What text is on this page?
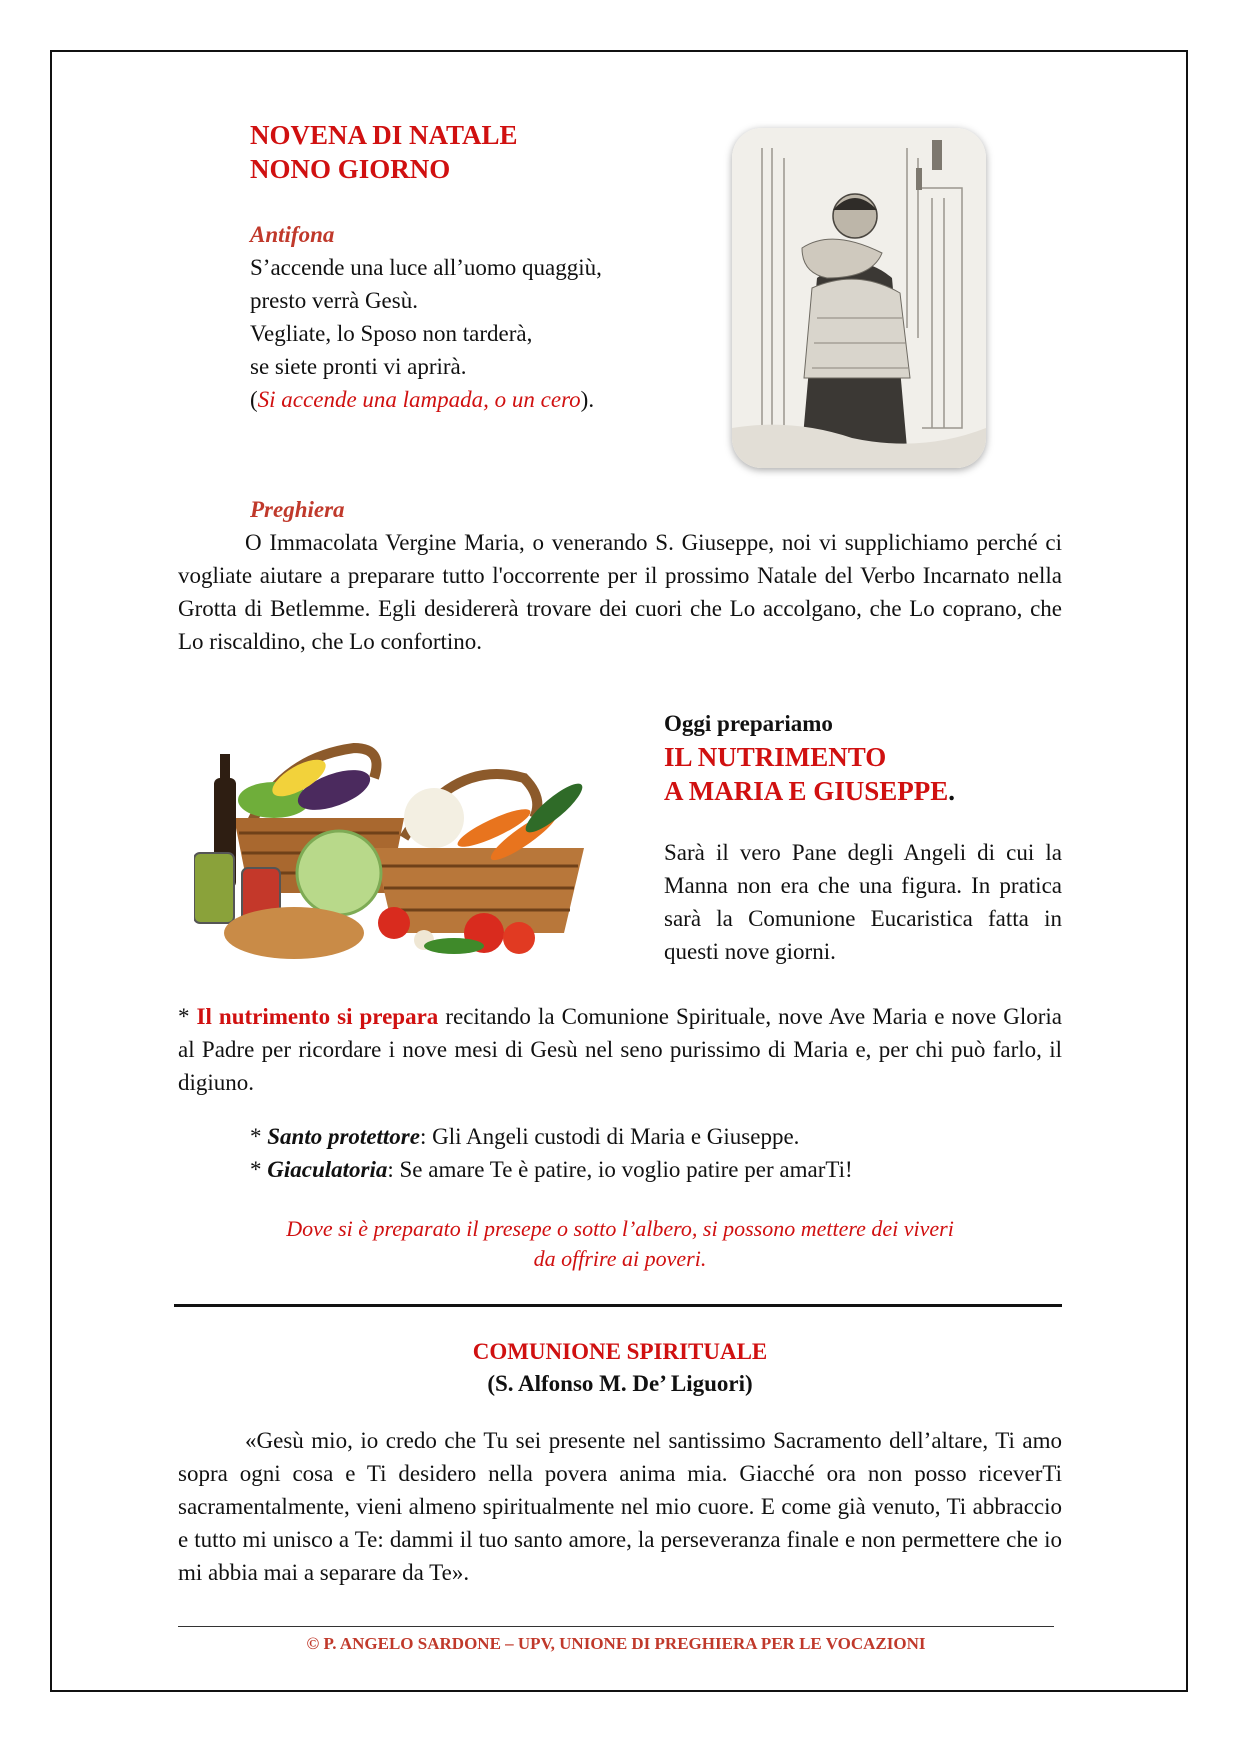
NOVENA DI NATALE
NONO GIORNO
Antifona
S’accende una luce all’uomo quaggiù,
presto verrà Gesù.
Vegliate, lo Sposo non tarderà,
se siete pronti vi aprirà.
(Si accende una lampada, o un cero).
Preghiera
O Immacolata Vergine Maria, o venerando S. Giuseppe, noi vi supplichiamo perché ci vogliate aiutare a preparare tutto l'occorrente per il prossimo Natale del Verbo Incarnato nella Grotta di Betlemme. Egli desidererà trovare dei cuori che Lo accolgano, che Lo coprano, che Lo riscaldino, che Lo confortino.
Oggi prepariamo
IL NUTRIMENTO
A MARIA E GIUSEPPE.
Sarà il vero Pane degli Angeli di cui la Manna non era che una figura. In pratica sarà la Comunione Eucaristica fatta in questi nove giorni.
* Il nutrimento si prepara recitando la Comunione Spirituale, nove Ave Maria e nove Gloria al Padre per ricordare i nove mesi di Gesù nel seno purissimo di Maria e, per chi può farlo, il digiuno.
* Santo protettore: Gli Angeli custodi di Maria e Giuseppe.
* Giaculatoria: Se amare Te è patire, io voglio patire per amarTi!
Dove si è preparato il presepe o sotto l’albero, si possono mettere dei viveri
da offrire ai poveri.
COMUNIONE SPIRITUALE
(S. Alfonso M. De’ Liguori)
«Gesù mio, io credo che Tu sei presente nel santissimo Sacramento dell’altare, Ti amo sopra ogni cosa e Ti desidero nella povera anima mia. Giacché ora non posso riceverTi sacramentalmente, vieni almeno spiritualmente nel mio cuore. E come già venuto, Ti abbraccio e tutto mi unisco a Te: dammi il tuo santo amore, la perseveranza finale e non permettere che io mi abbia mai a separare da Te».
© P. ANGELO SARDONE – UPV, UNIONE DI PREGHIERA PER LE VOCAZIONI
